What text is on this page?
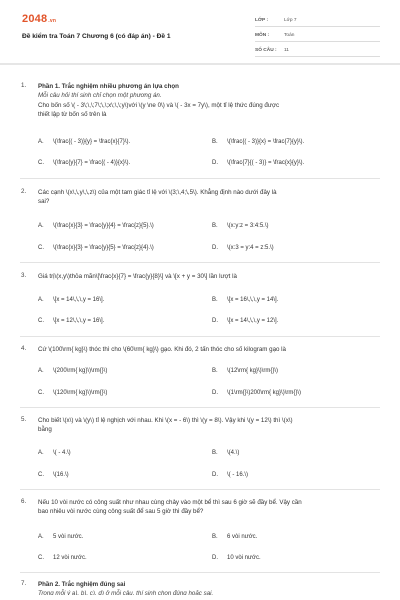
2048.vn
Đề kiểm tra Toán 7 Chương 6 (có đáp án) - Đề 1
LỚP :	Lớp 7
MÔN :	Toán
SỐ CÂU :	11
1. Phần 1. Trắc nghiệm nhiều phương án lựa chọn
Mỗi câu hỏi thí sinh chỉ chọn một phương án.
Cho bốn số \( - 3\;\,\;7\;\,\;x\;\,\;y\)với \(y \ne 0\) và \( - 3x = 7y\), một tỉ lệ thức đúng được
thiết lập từ bốn số trên là
A. \(\frac{( - 3)}{y} = \frac{x}{7}\).	B. \(\frac{( - 3)}{x} = \frac{7}{y}\).
C. \(\frac{y}{7} = \frac{( - 4)}{x}\).	D. \(\frac{7}{( - 3)} = \frac{x}{y}\).
2. Các cạnh \(x\,\,y\,\,z\) của một tam giác tỉ lệ với \(3;\,4;\,5\). Khẳng định nào dưới đây là
sai?
A. \(\frac{x}{3} = \frac{y}{4} = \frac{z}{5}.\)	B. \(x:y:z = 3:4:5.\)
C. \(\frac{x}{3} = \frac{y}{5} = \frac{z}{4}.\)	D. \(x:3 = y:4 = z:5.\)
3. Giá trị\(x,y\)thỏa mãn\[\frac{x}{7} = \frac{y}{8}\] và \[x + y = 30\] lần lượt là
A. \[x = 14\,\,\,y = 16\].	B. \[x = 16\,\,\,y = 14\].
C. \[x = 12\,\,\,y = 16\].	D. \[x = 14\,\,\,y = 12\].
4. Cứ \(100\rm{ kg}\) thóc thì cho \(60\rm{ kg}\) gạo. Khi đó, 2 tấn thóc cho số kilogram gạo là
A. \(200\rm{ kg}\)\rm{}\)	B. \(12\rm{ kg}\)\rm{}\)
C. \(120\rm{ kg}\)\rm{}\)	D. \(1\rm{}\)200\rm{ kg}\)\rm{}\)
5. Cho biết \(x\) và \(y\) tỉ lệ nghịch với nhau. Khi \(x = - 6\) thì \(y = 8\). Vậy khi \(y = 12\) thì \(x\)
bằng
A. \( - 4.\)	B. \(4.\)
C. \(16.\)	D. \( - 16.\)
6. Nếu 10 vòi nước có công suất như nhau cùng chảy vào một bể thì sau 6 giờ sẽ đầy bể. Vậy cần
bao nhiêu vòi nước cùng công suất để sau 5 giờ thì đầy bể?
A. 5 vòi nước.	B. 6 vòi nước.
C. 12 vòi nước.	D. 10 vòi nước.
7. Phần 2. Trắc nghiệm đúng sai
Trong mỗi ý a), b), c), d) ở mỗi câu, thí sinh chọn đúng hoặc sai.
